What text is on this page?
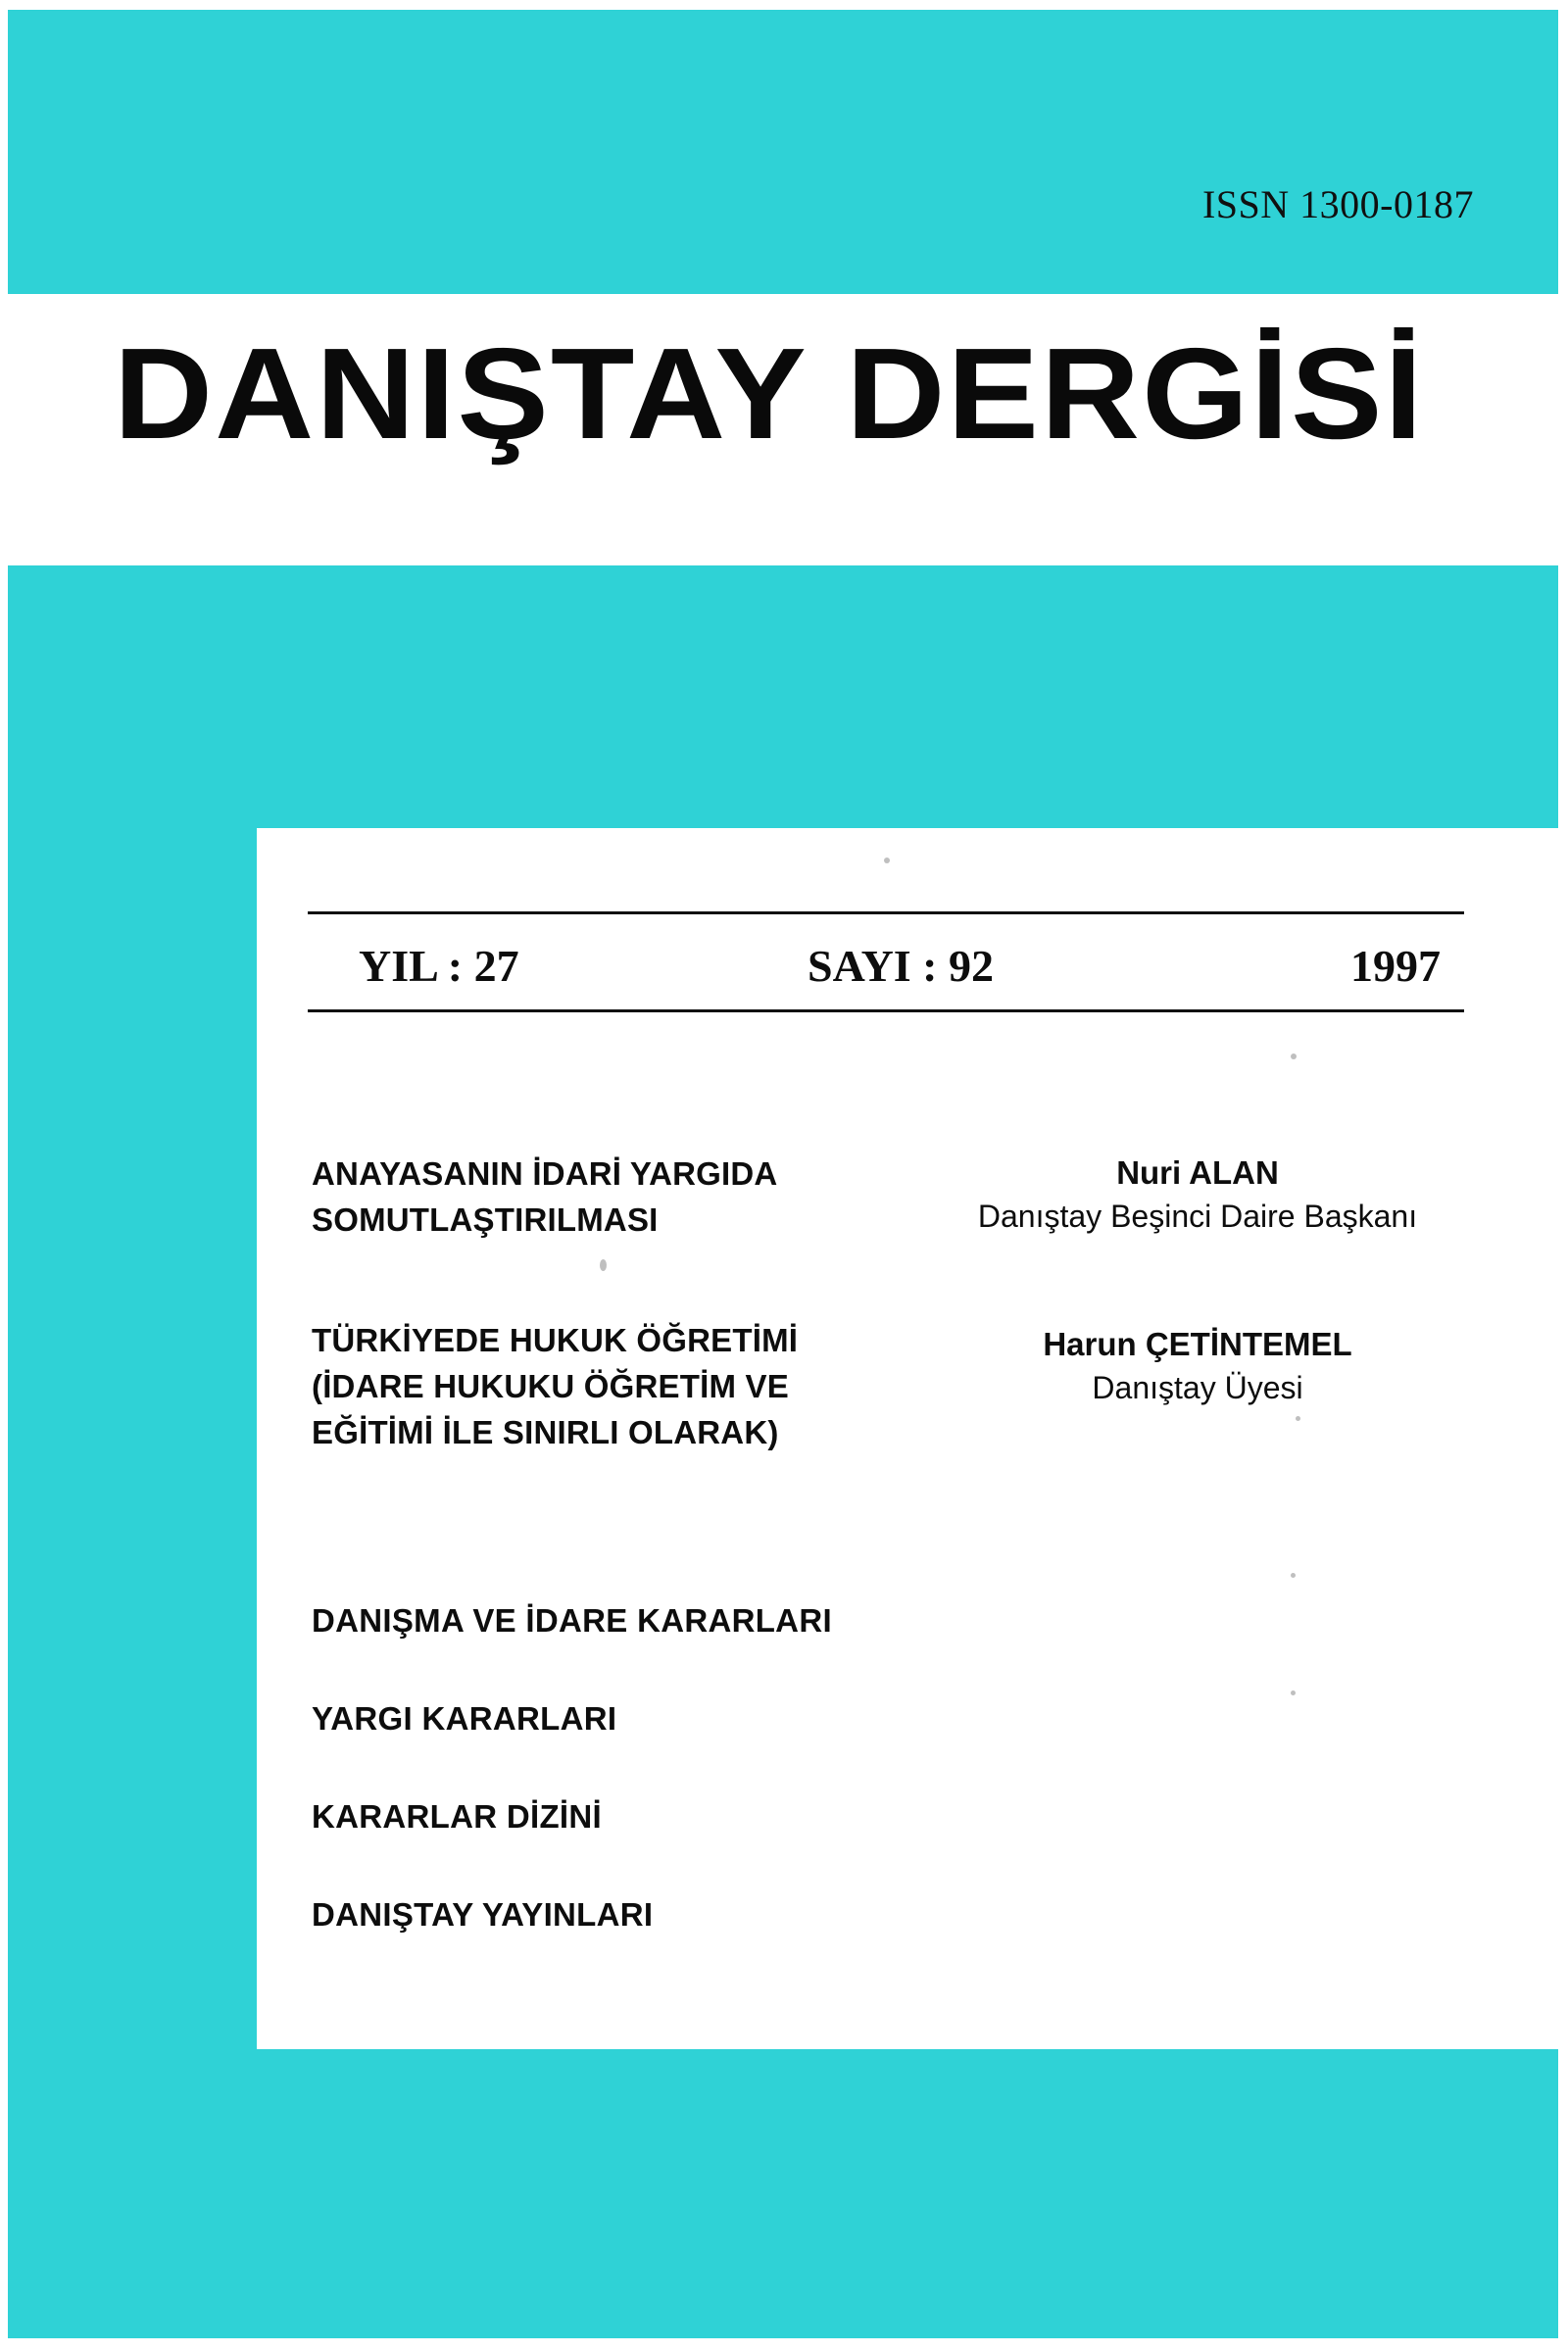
ISSN 1300-0187
DANIŞTAY DERGİSİ
YIL : 27	SAYI : 92	1997
ANAYASANIN İDARİ YARGIDA SOMUTLAŞTIRILMASI
Nuri ALAN
Danıştay Beşinci Daire Başkanı
TÜRKİYEDE HUKUK ÖĞRETİMİ (İDARE HUKUKU ÖĞRETİM VE EĞİTİMİ İLE SINIRLI OLARAK)
Harun ÇETİNTEMEL
Danıştay Üyesi
DANIŞMA VE İDARE KARARLARI
YARGI KARARLARI
KARARLAR DİZİNİ
DANIŞTAY YAYINLARI
